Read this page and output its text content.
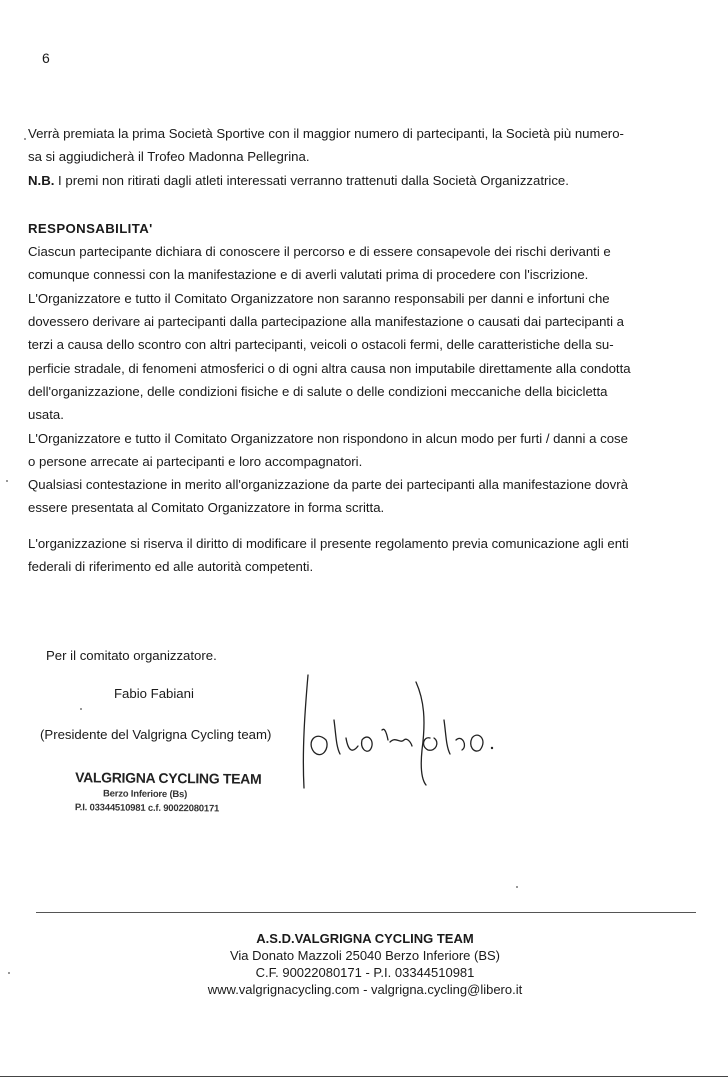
6

Verrà premiata la prima Società Sportive con il maggior numero di partecipanti, la Società più numero-

sa si aggiudicherà il Trofeo Madonna Pellegrina.

N.B. I premi non ritirati dagli atleti interessati verranno trattenuti dalla Società Organizzatrice.

RESPONSABILITA'

Ciascun partecipante dichiara di conoscere il percorso e di essere consapevole dei rischi derivanti e

comunque connessi con la manifestazione e di averli valutati prima di procedere con l'iscrizione.

L'Organizzatore e tutto il Comitato Organizzatore non saranno responsabili per danni e infortuni che

dovessero derivare ai partecipanti dalla partecipazione alla manifestazione o causati dai partecipanti a

terzi a causa dello scontro con altri partecipanti, veicoli o ostacoli fermi, delle caratteristiche della su-

perficie stradale, di fenomeni atmosferici o di ogni altra causa non imputabile direttamente alla condotta

dell'organizzazione, delle condizioni fisiche e di salute o delle condizioni meccaniche della bicicletta

usata.

L'Organizzatore e tutto il Comitato Organizzatore non rispondono in alcun modo per furti / danni a cose

o persone arrecate ai partecipanti e loro accompagnatori.

Qualsiasi contestazione in merito all'organizzazione da parte dei partecipanti alla manifestazione dovrà

essere presentata al Comitato Organizzatore in forma scritta.

L'organizzazione si riserva il diritto di modificare il presente regolamento previa comunicazione agli enti

federali di riferimento ed alle autorità competenti.

Per il comitato organizzatore.
Fabio Fabiani
(Presidente del Valgrigna Cycling team)
VALGRIGNA CYCLING TEAM
Berzo Inferiore (Bs)
P.I. 03344510981 c.f. 90022080171
A.S.D.VALGRIGNA CYCLING TEAM
Via Donato Mazzoli 25040 Berzo Inferiore (BS)
C.F. 90022080171 - P.I. 03344510981
www.valgrignacycling.com - valgrigna.cycling@libero.it
